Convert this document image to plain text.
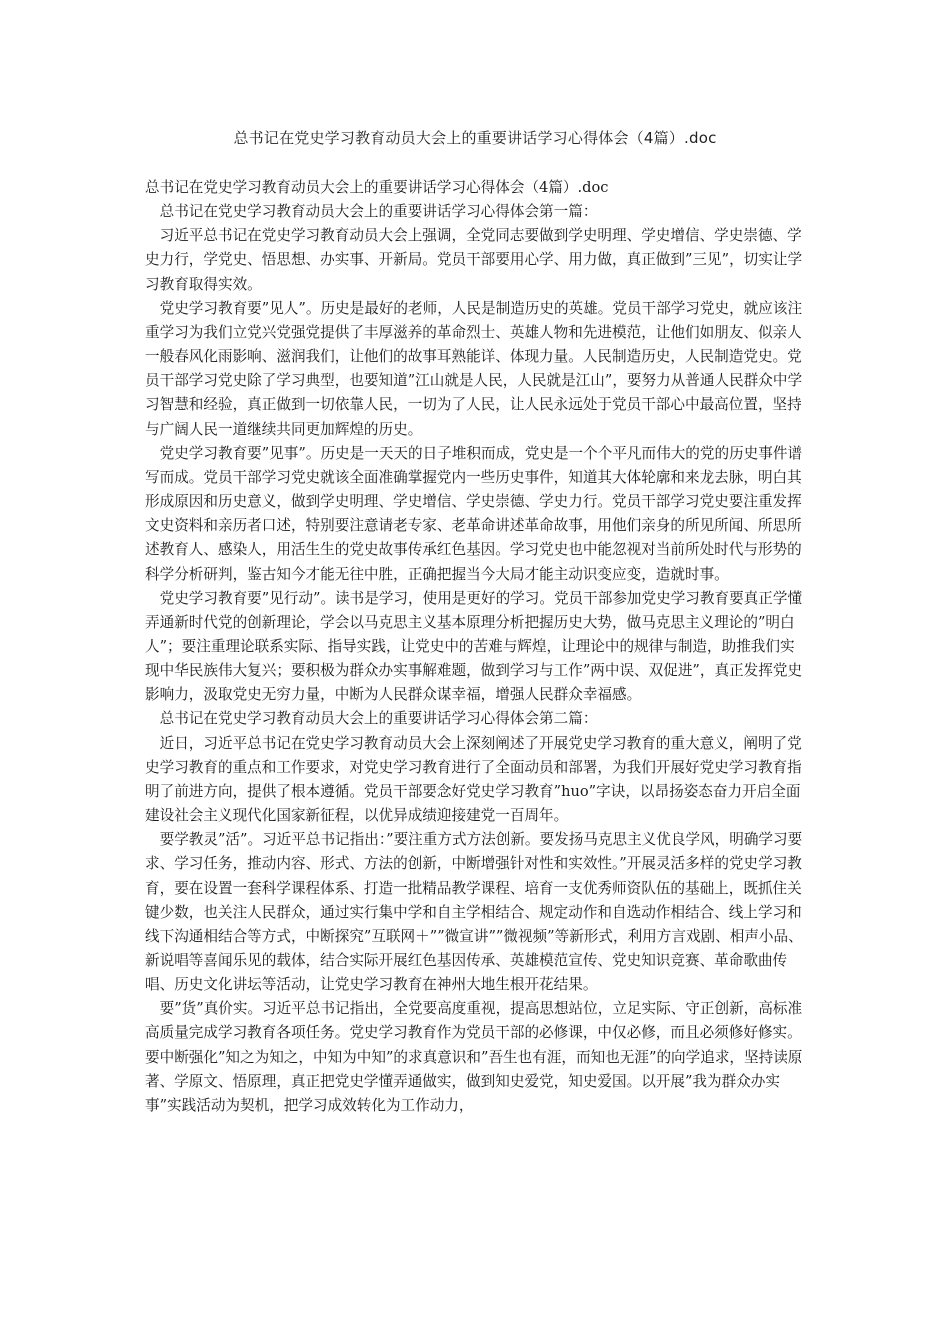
总书记在党史学习教育动员大会上的重要讲话学习心得体会（4篇）.doc

总书记在党史学习教育动员大会上的重要讲话学习心得体会（4篇）.doc

总书记在党史学习教育动员大会上的重要讲话学习心得体会第一篇：

习近平总书记在党史学习教育动员大会上强调，全党同志要做到学史明理、学史增信、学史崇德、学史力行，学党史、悟思想、办实事、开新局。党员干部要用心学、用力做，真正做到”三见”，切实让学习教育取得实效。

党史学习教育要”见人”。历史是最好的老师，人民是制造历史的英雄。党员干部学习党史，就应该注重学习为我们立党兴党强党提供了丰厚滋养的革命烈士、英雄人物和先进模范，让他们如朋友、似亲人一般春风化雨影响、滋润我们，让他们的故事耳熟能详、体现力量。人民制造历史，人民制造党史。党员干部学习党史除了学习典型，也要知道”江山就是人民，人民就是江山”，要努力从普通人民群众中学习智慧和经验，真正做到一切依靠人民，一切为了人民，让人民永远处于党员干部心中最高位置，坚持与广阔人民一道继续共同更加辉煌的历史。

党史学习教育要”见事”。历史是一天天的日子堆积而成，党史是一个个平凡而伟大的党的历史事件谱写而成。党员干部学习党史就该全面准确掌握党内一些历史事件，知道其大体轮廓和来龙去脉，明白其形成原因和历史意义，做到学史明理、学史增信、学史崇德、学史力行。党员干部学习党史要注重发挥文史资料和亲历者口述，特别要注意请老专家、老革命讲述革命故事，用他们亲身的所见所闻、所思所述教育人、感染人，用活生生的党史故事传承红色基因。学习党史也中能忽视对当前所处时代与形势的科学分析研判，鉴古知今才能无往中胜，正确把握当今大局才能主动识变应变，造就时事。

党史学习教育要”见行动”。读书是学习，使用是更好的学习。党员干部参加党史学习教育要真正学懂弄通新时代党的创新理论，学会以马克思主义基本原理分析把握历史大势，做马克思主义理论的”明白人”；要注重理论联系实际、指导实践，让党史中的苦难与辉煌，让理论中的规律与制造，助推我们实现中华民族伟大复兴；要积极为群众办实事解难题，做到学习与工作”两中误、双促进”，真正发挥党史影响力，汲取党史无穷力量，中断为人民群众谋幸福，增强人民群众幸福感。

总书记在党史学习教育动员大会上的重要讲话学习心得体会第二篇：

近日，习近平总书记在党史学习教育动员大会上深刻阐述了开展党史学习教育的重大意义，阐明了党史学习教育的重点和工作要求，对党史学习教育进行了全面动员和部署，为我们开展好党史学习教育指明了前进方向，提供了根本遵循。党员干部要念好党史学习教育”huo”字诀，以昂扬姿态奋力开启全面建设社会主义现代化国家新征程，以优异成绩迎接建党一百周年。

要学教灵”活”。习近平总书记指出：”要注重方式方法创新。要发扬马克思主义优良学风，明确学习要求、学习任务，推动内容、形式、方法的创新，中断增强针对性和实效性。”开展灵活多样的党史学习教育，要在设置一套科学课程体系、打造一批精品教学课程、培育一支优秀师资队伍的基础上，既抓住关键少数，也关注人民群众，通过实行集中学和自主学相结合、规定动作和自选动作相结合、线上学习和线下沟通相结合等方式，中断探究”互联网＋””微宣讲””微视频”等新形式，利用方言戏剧、相声小品、新说唱等喜闻乐见的载体，结合实际开展红色基因传承、英雄模范宣传、党史知识竞赛、革命歌曲传唱、历史文化讲坛等活动，让党史学习教育在神州大地生根开花结果。

要”货”真价实。习近平总书记指出，全党要高度重视，提高思想站位，立足实际、守正创新，高标准高质量完成学习教育各项任务。党史学习教育作为党员干部的必修课，中仅必修，而且必须修好修实。要中断强化”知之为知之，中知为中知”的求真意识和”吾生也有涯，而知也无涯”的向学追求，坚持读原著、学原文、悟原理，真正把党史学懂弄通做实，做到知史爱党，知史爱国。以开展”我为群众办实事”实践活动为契机，把学习成效转化为工作动力，
